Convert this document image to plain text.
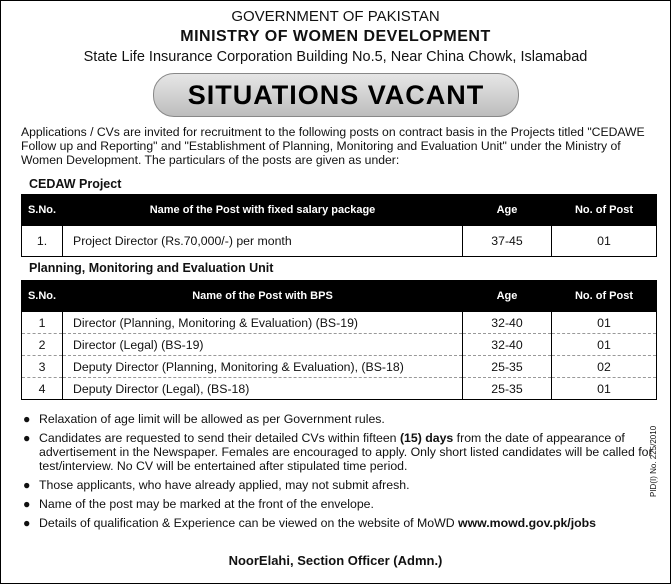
GOVERNMENT OF PAKISTAN
MINISTRY OF WOMEN DEVELOPMENT
State Life Insurance Corporation Building No.5, Near China Chowk, Islamabad
SITUATIONS VACANT
Applications / CVs are invited for recruitment to the following posts on contract basis in the Projects titled "CEDAWE Follow up and Reporting" and "Establishment of Planning, Monitoring and Evaluation Unit" under the Ministry of Women Development. The particulars of the posts are given as under:
CEDAW Project
S.No.	Name of the Post with fixed salary package	Age	No. of Post
1.	Project Director (Rs.70,000/-) per month	37-45	01
Planning, Monitoring and Evaluation Unit
S.No.	Name of the Post with BPS	Age	No. of Post
1	Director (Planning, Monitoring & Evaluation) (BS-19)	32-40	01
2	Director (Legal) (BS-19)	32-40	01
3	Deputy Director (Planning, Monitoring & Evaluation), (BS-18)	25-35	02
4	Deputy Director (Legal), (BS-18)	25-35	01
● Relaxation of age limit will be allowed as per Government rules.
● Candidates are requested to send their detailed CVs within fifteen (15) days from the date of appearance of advertisement in the Newspaper. Females are encouraged to apply. Only short listed candidates will be called for test/interview. No CV will be entertained after stipulated time period.
● Those applicants, who have already applied, may not submit afresh.
● Name of the post may be marked at the front of the envelope.
● Details of qualification & Experience can be viewed on the website of MoWD www.mowd.gov.pk/jobs
NoorElahi, Section Officer (Admn.)
PID(I) No. 225/2010
